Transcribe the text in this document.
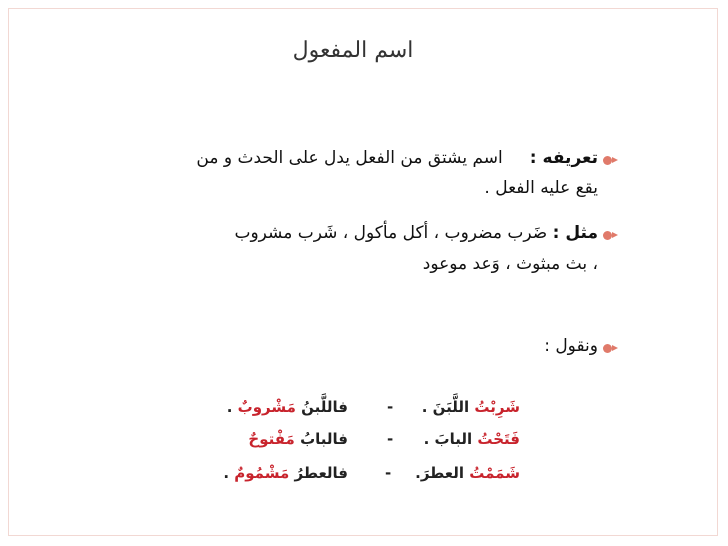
اسم المفعول
تعريفه :     اسم يشتق من الفعل يدل على الحدث و من
يقع عليه الفعل .
مثل : ضَرب مضروب ، أكل مأكول ، شَرب مشروب
، بث مبثوث ، وَعد موعود
ونقول :
شَرِبْتُ اللَّبَنَ .
-
فاللَّبنُ مَشْروبٌ .
فَتَحْتُ البابَ .
-
فالبابُ مَفْتوحٌ
شَمَمْتُ العطرَ.
-
فالعطرُ مَشْمُومٌ .
